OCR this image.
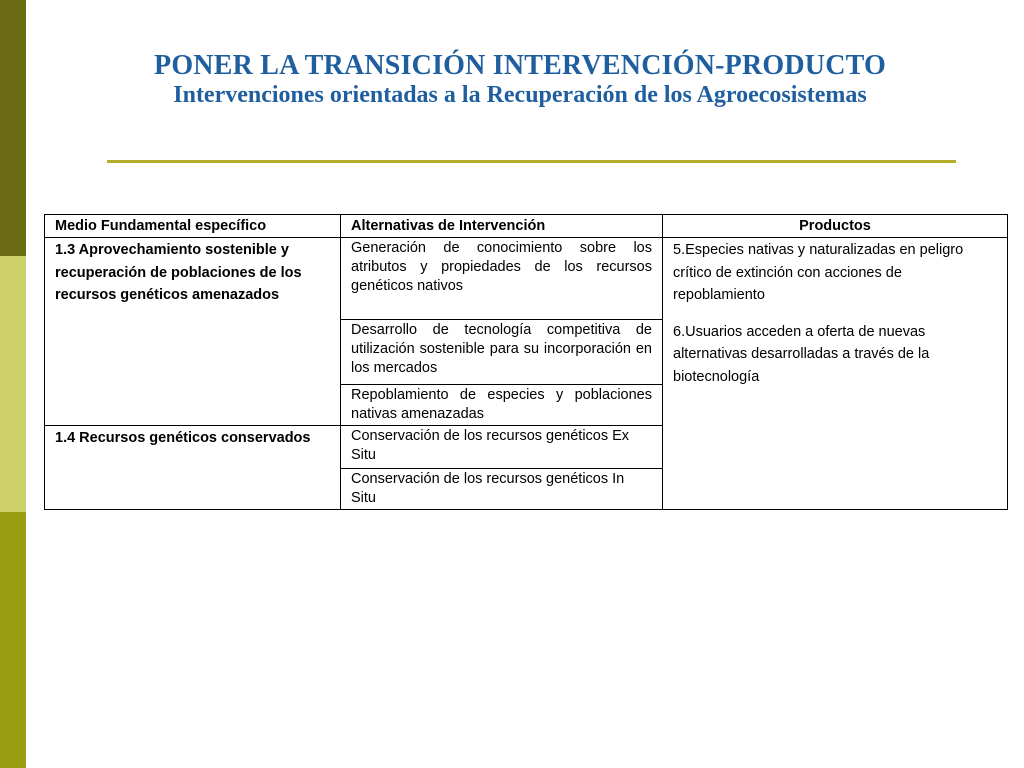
PONER LA TRANSICIÓN INTERVENCIÓN-PRODUCTO
Intervenciones orientadas a la Recuperación de los Agroecosistemas
Medio Fundamental específico	Alternativas de Intervención	Productos
1.3 Aprovechamiento sostenible y recuperación de poblaciones de los recursos genéticos amenazados	Generación de conocimiento sobre los atributos y propiedades de los recursos genéticos nativos	5.Especies nativas y naturalizadas en peligro crítico de extinción con acciones de repoblamiento

6.Usuarios acceden a oferta de nuevas alternativas desarrolladas a través de la biotecnología

	Desarrollo de tecnología competitiva de utilización sostenible para su incorporación en los mercados	
	Repoblamiento de especies y poblaciones nativas amenazadas	
1.4 Recursos genéticos conservados	Conservación de los recursos genéticos Ex Situ	
	Conservación de los recursos genéticos In Situ	
